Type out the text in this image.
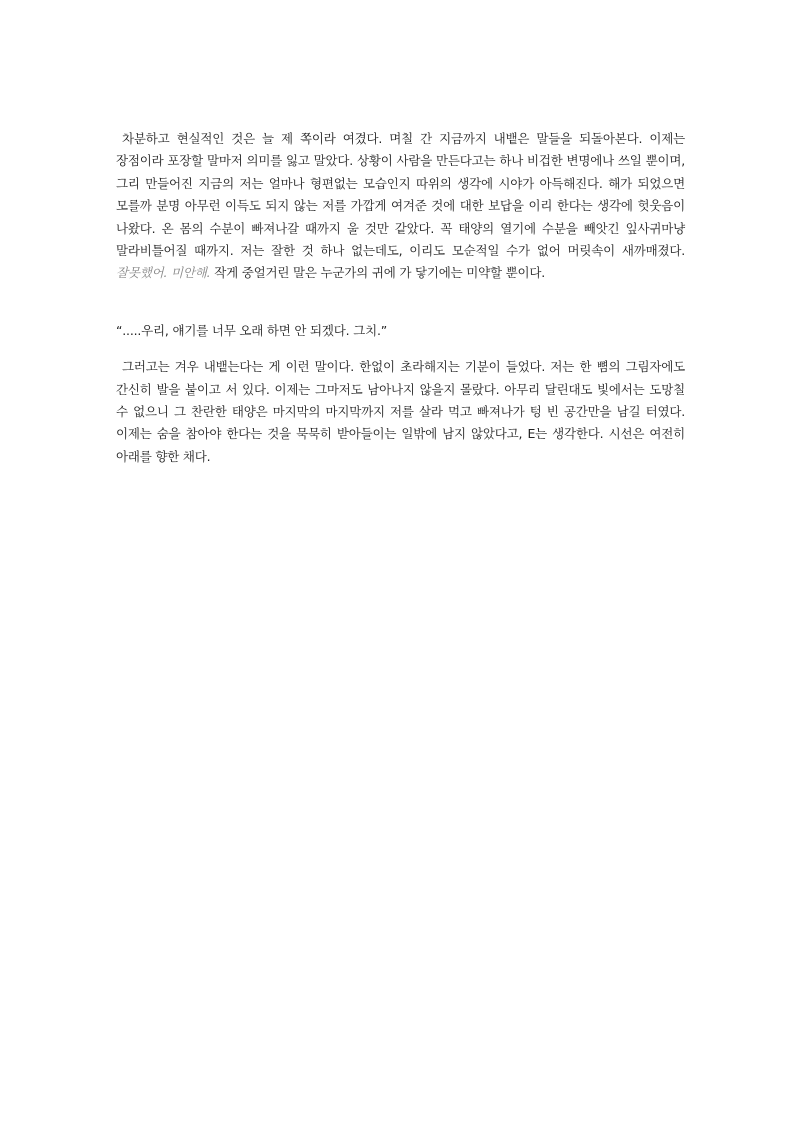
차분하고 현실적인 것은 늘 제 쪽이라 여겼다. 며칠 간 지금까지 내뱉은 말들을 되돌아본다. 이제는 장점이라 포장할 말마저 의미를 잃고 말았다. 상황이 사람을 만든다고는 하나 비겁한 변명에나 쓰일 뿐이며, 그리 만들어진 지금의 저는 얼마나 형편없는 모습인지 따위의 생각에 시야가 아득해진다. 해가 되었으면 모를까 분명 아무런 이득도 되지 않는 저를 가깝게 여겨준 것에 대한 보답을 이리 한다는 생각에 헛웃음이 나왔다. 온 몸의 수분이 빠져나갈 때까지 울 것만 같았다. 꼭 태양의 열기에 수분을 빼앗긴 잎사귀마냥 말라비틀어질 때까지. 저는 잘한 것 하나 없는데도, 이리도 모순적일 수가 없어 머릿속이 새까매졌다. 잘못했어. 미안해. 작게 중얼거린 말은 누군가의 귀에 가 닿기에는 미약할 뿐이다.

“.....우리, 얘기를 너무 오래 하면 안 되겠다. 그치.”

그러고는 겨우 내뱉는다는 게 이런 말이다. 한없이 초라해지는 기분이 들었다. 저는 한 뼘의 그림자에도 간신히 발을 붙이고 서 있다. 이제는 그마저도 남아나지 않을지 몰랐다. 아무리 달린대도 빛에서는 도망칠 수 없으니 그 찬란한 태양은 마지막의 마지막까지 저를 살라 먹고 빠져나가 텅 빈 공간만을 남길 터였다. 이제는 숨을 참아야 한다는 것을 묵묵히 받아들이는 일밖에 남지 않았다고, E는 생각한다. 시선은 여전히 아래를 향한 채다.
